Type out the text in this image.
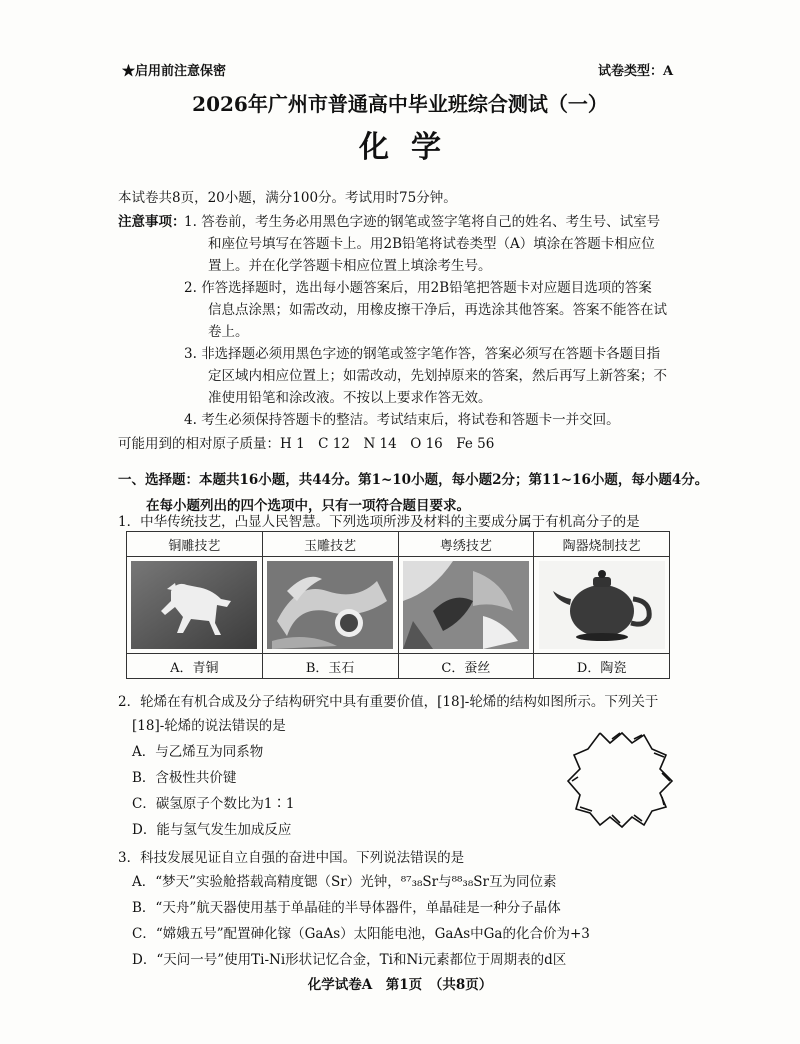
★启用前注意保密	试卷类型：A
2026年广州市普通高中毕业班综合测试（一）
化学
本试卷共8页，20小题，满分100分。考试用时75分钟。
注意事项：
1. 答卷前，考生务必用黑色字迹的钢笔或签字笔将自己的姓名、考生号、试室号
和座位号填写在答题卡上。用2B铅笔将试卷类型（A）填涂在答题卡相应位
置上。并在化学答题卡相应位置上填涂考生号。
2. 作答选择题时，选出每小题答案后，用2B铅笔把答题卡对应题目选项的答案
信息点涂黑；如需改动，用橡皮擦干净后，再选涂其他答案。答案不能答在试
卷上。
3. 非选择题必须用黑色字迹的钢笔或签字笔作答，答案必须写在答题卡各题目指
定区域内相应位置上；如需改动，先划掉原来的答案，然后再写上新答案；不
准使用铅笔和涂改液。不按以上要求作答无效。
4. 考生必须保持答题卡的整洁。考试结束后，将试卷和答题卡一并交回。
可能用到的相对原子质量：H 1　C 12　N 14　O 16　Fe 56
一、选择题：本题共16小题，共44分。第1~10小题，每小题2分；第11~16小题，每小题4分。
在每小题列出的四个选项中，只有一项符合题目要求。
1．中华传统技艺，凸显人民智慧。下列选项所涉及材料的主要成分属于有机高分子的是
铜雕技艺	玉雕技艺	粤绣技艺	陶器烧制技艺

A．青铜	B．玉石	C．蚕丝	D．陶瓷
2．轮烯在有机合成及分子结构研究中具有重要价值，[18]-轮烯的结构如图所示。下列关于
[18]-轮烯的说法错误的是
A．与乙烯互为同系物
B．含极性共价键
C．碳氢原子个数比为1∶1
D．能与氢气发生加成反应
3．科技发展见证自立自强的奋进中国。下列说法错误的是
A．“梦天”实验舱搭载高精度锶（Sr）光钟，⁸⁷₃₈Sr与⁸⁸₃₈Sr互为同位素
B．“天舟”航天器使用基于单晶硅的半导体器件，单晶硅是一种分子晶体
C．“嫦娥五号”配置砷化镓（GaAs）太阳能电池，GaAs中Ga的化合价为+3
D．“天问一号”使用Ti-Ni形状记忆合金，Ti和Ni元素都位于周期表的d区
化学试卷A　第1页　（共8页）
